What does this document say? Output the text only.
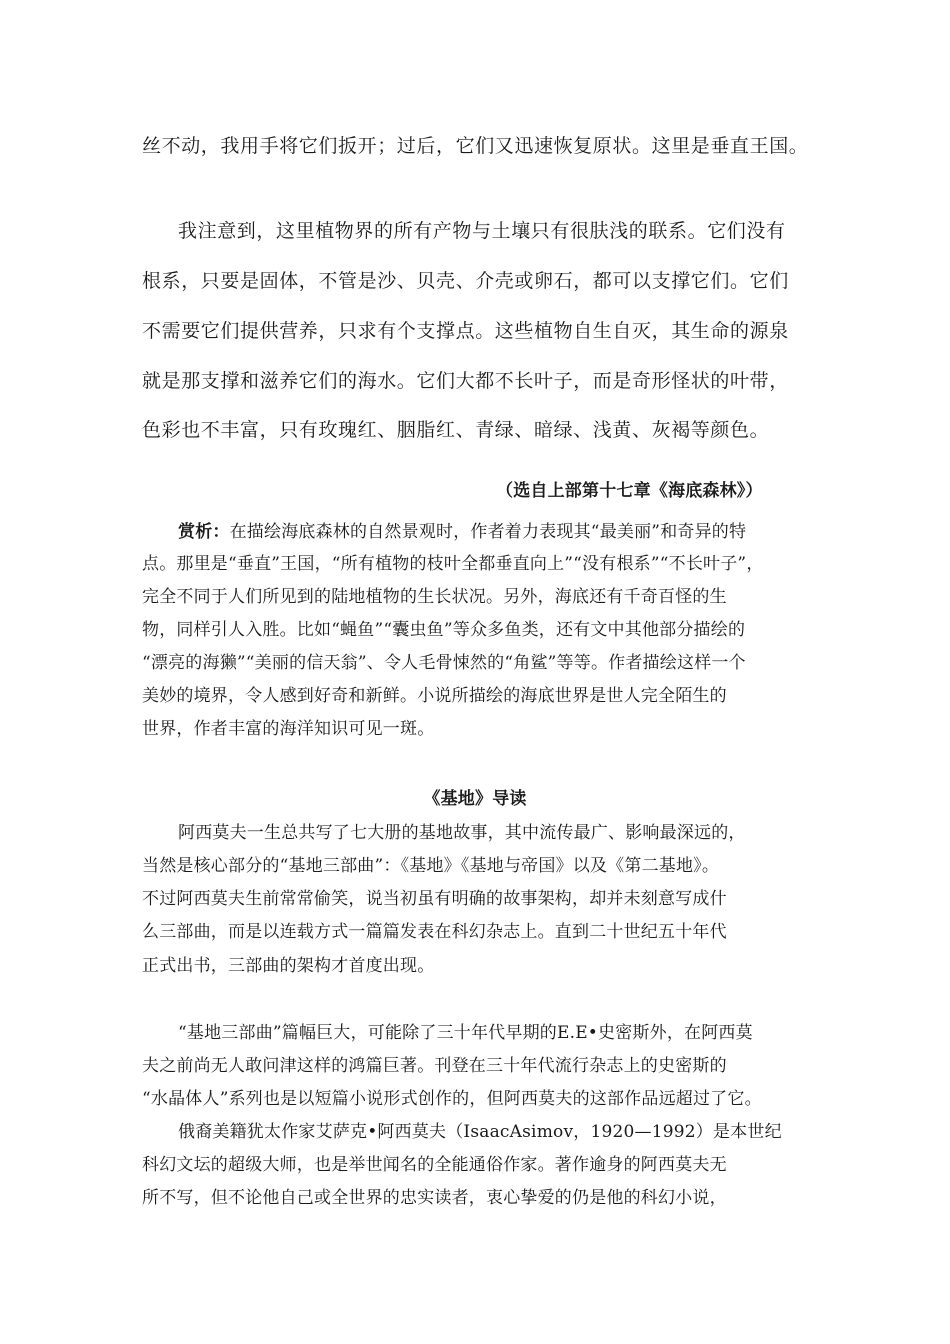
丝不动，我用手将它们扳开；过后，它们又迅速恢复原状。这里是垂直王国。
我注意到，这里植物界的所有产物与土壤只有很肤浅的联系。它们没有
根系，只要是固体，不管是沙、贝壳、介壳或卵石，都可以支撑它们。它们
不需要它们提供营养，只求有个支撑点。这些植物自生自灭，其生命的源泉
就是那支撑和滋养它们的海水。它们大都不长叶子，而是奇形怪状的叶带，
色彩也不丰富，只有玫瑰红、胭脂红、青绿、暗绿、浅黄、灰褐等颜色。
（选自上部第十七章《海底森林》）
赏析：在描绘海底森林的自然景观时，作者着力表现其“最美丽”和奇异的特
点。那里是“垂直”王国，“所有植物的枝叶全都垂直向上”“没有根系”“不长叶子”，
完全不同于人们所见到的陆地植物的生长状况。另外，海底还有千奇百怪的生
物，同样引人入胜。比如“蝇鱼”“囊虫鱼”等众多鱼类，还有文中其他部分描绘的
“漂亮的海獭”“美丽的信天翁”、令人毛骨悚然的“角鲨”等等。作者描绘这样一个
美妙的境界，令人感到好奇和新鲜。小说所描绘的海底世界是世人完全陌生的
世界，作者丰富的海洋知识可见一斑。
《基地》导读
阿西莫夫一生总共写了七大册的基地故事，其中流传最广、影响最深远的，
当然是核心部分的“基地三部曲”：《基地》《基地与帝国》以及《第二基地》。
不过阿西莫夫生前常常偷笑，说当初虽有明确的故事架构，却并未刻意写成什
么三部曲，而是以连载方式一篇篇发表在科幻杂志上。直到二十世纪五十年代
正式出书，三部曲的架构才首度出现。
“基地三部曲”篇幅巨大，可能除了三十年代早期的E.E•史密斯外，在阿西莫
夫之前尚无人敢问津这样的鸿篇巨著。刊登在三十年代流行杂志上的史密斯的
“水晶体人”系列也是以短篇小说形式创作的，但阿西莫夫的这部作品远超过了它。
俄裔美籍犹太作家艾萨克•阿西莫夫（IsaacAsimov，1920—1992）是本世纪
科幻文坛的超级大师，也是举世闻名的全能通俗作家。著作逾身的阿西莫夫无
所不写，但不论他自己或全世界的忠实读者，衷心挚爱的仍是他的科幻小说，
